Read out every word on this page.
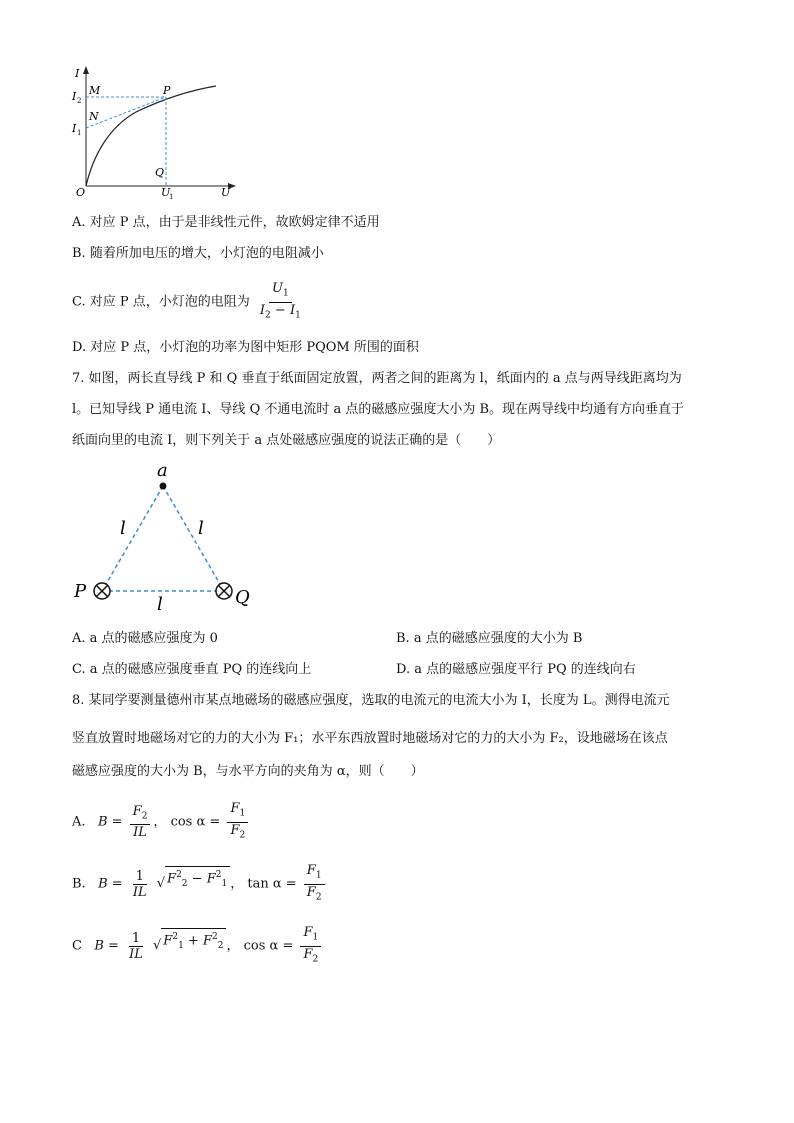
I
M	P
N
Q
I 2
I 1
O	U
1	U
A. 对应 P 点，由于是非线性元件，故欧姆定律不适用
B. 随着所加电压的增大，小灯泡的电阻减小
C. 对应 P 点，小灯泡的电阻为 $\frac{U_1}{I_2 - I_1}$
D. 对应 P 点，小灯泡的功率为图中矩形 PQOM 所围的面积
7. 如图，两长直导线 P 和 Q 垂直于纸面固定放置，两者之间的距离为 l，纸面内的 a 点与两导线距离均为
l。已知导线 P 通电流 I、导线 Q 不通电流时 a 点的磁感应强度大小为 B。现在两导线中均通有方向垂直于
纸面向里的电流 I，则下列关于 a 点处磁感应强度的说法正确的是（　　）
a
l	l
l
P	Q
A. a 点的磁感应强度为 0	B. a 点的磁感应强度的大小为 B
C. a 点的磁感应强度垂直 PQ 的连线向上	D. a 点的磁感应强度平行 PQ 的连线向右
8. 某同学要测量德州市某点地磁场的磁感应强度，选取的电流元的电流大小为 I，长度为 L。测得电流元
竖直放置时地磁场对它的力的大小为 F₁；水平东西放置时地磁场对它的力的大小为 F₂，设地磁场在该点
磁感应强度的大小为 B，与水平方向的夹角为 α，则（　　）
A. $B = \frac{F_2}{IL}$ ， $\cos \alpha = \frac{F_1}{F_2}$
B. $B = \frac{1}{IL}$
√ $F^2_2 - F^2_1$ ， $\tan \alpha = \frac{F_1}{F_2}$
C $B = \frac{1}{IL}$
√ $F^2_1 + F^2_2$ ， $\cos \alpha = \frac{F_1}{F_2}$
